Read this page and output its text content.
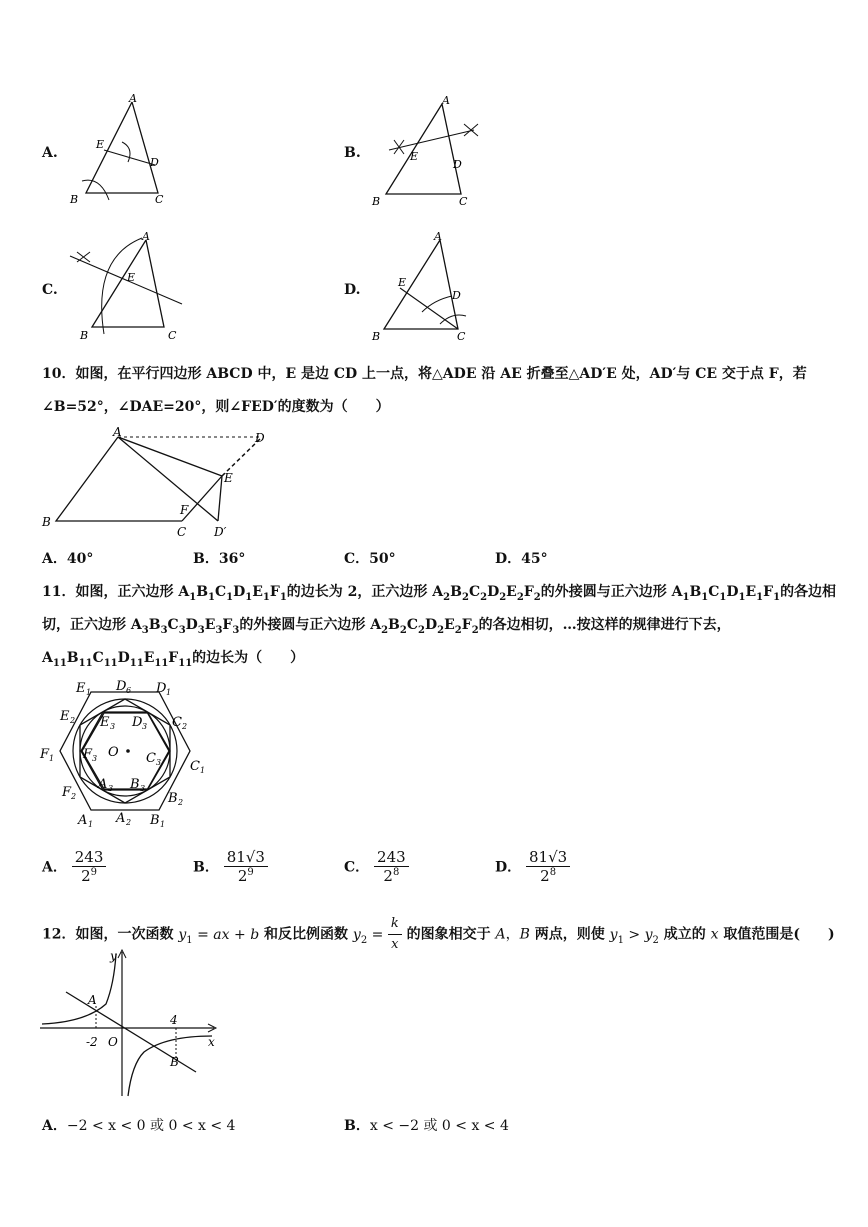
A.
A
E
D
B	C
B.
A
E
D
B	C
C.
A
E
B	C
D.
A
E
D
B	C
10．如图，在平行四边形 ABCD 中，E 是边 CD 上一点，将△ADE 沿 AE 折叠至△AD′E 处，AD′与 CE 交于点 F，若
∠B=52°，∠DAE=20°，则∠FED′的度数为（　　）
A	D
E
F
B
C D′
A．40°	B．36°	C．50°	D．45°
11．如图，正六边形 $A_1B_1C_1D_1E_1F_1$的边长为 2，正六边形 $A_2B_2C_2D_2E_2F_2$的外接圆与正六边形 $A_1B_1C_1D_1E_1F_1$的各边相
切，正六边形 $A_3B_3C_3D_3E_3F_3$的外接圆与正六边形 $A_2B_2C_2D_2E_2F_2$的各边相切，…按这样的规律进行下去，
$A_{11}B_{11}C_{11}D_{11}E_{11}F_{11}$的边长为（　　）
E 1 D 6 D 1
E 2 E 3 D 3 C 2
F 1 F 3 O C 3 C 1
F 2
A 3 B 3
B 2
A 1 A 2 B 1
A． $\frac{243}{2^9}$	B． $\frac{81√3}{2^9}$	C． $\frac{243}{2^8}$	D． $\frac{81√3}{2^8}$
12．如图，一次函数 $y_1$ = ax + b 和反比例函数 $y_2 = \frac{k}{x}$ 的图象相交于 A，B 两点，则使 $y_1 > y_2$ 成立的 x 取值范围是(　　)
y
x
A
B
O
-2
4
A．−2 < x < 0 或 0 < x < 4	B．x < −2 或 0 < x < 4
